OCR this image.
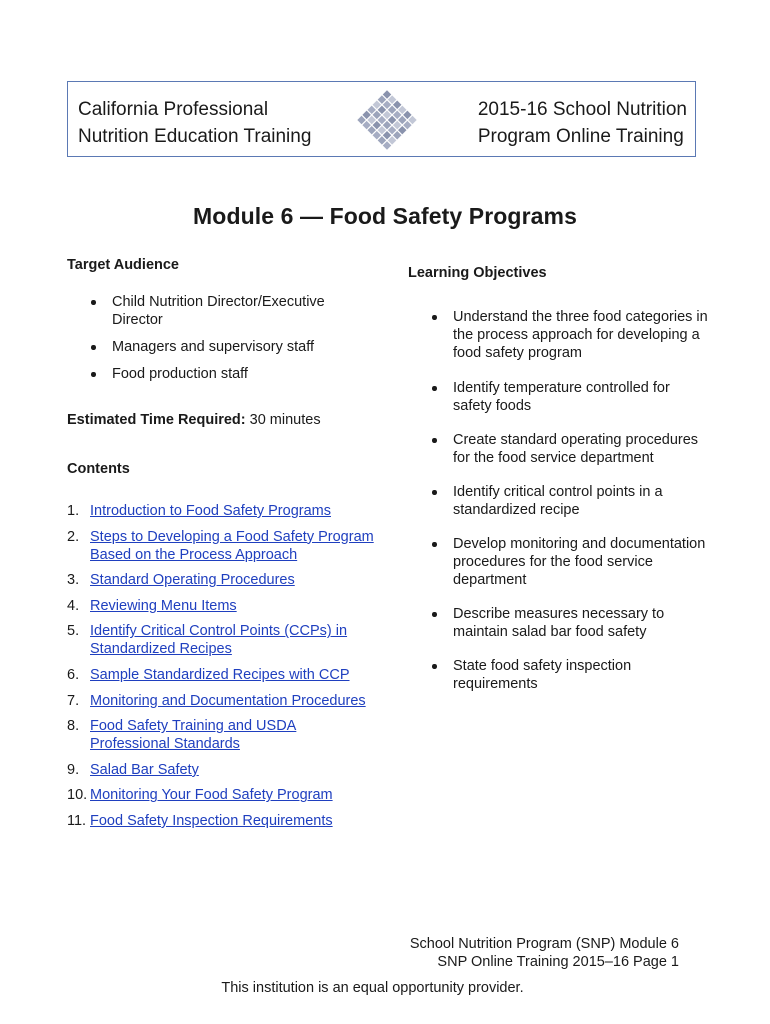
California Professional
Nutrition Education Training
2015-16 School Nutrition
Program Online Training
Module 6 — Food Safety Programs
Target Audience
Child Nutrition Director/Executive Director
Managers and supervisory staff
Food production staff
Estimated Time Required: 30 minutes
Contents
1. Introduction to Food Safety Programs
2. Steps to Developing a Food Safety Program Based on the Process Approach
3. Standard Operating Procedures
4. Reviewing Menu Items
5. Identify Critical Control Points (CCPs) in Standardized Recipes
6. Sample Standardized Recipes with CCP
7. Monitoring and Documentation Procedures
8. Food Safety Training and USDA Professional Standards
9. Salad Bar Safety
10. Monitoring Your Food Safety Program
11. Food Safety Inspection Requirements
Learning Objectives
Understand the three food categories in the process approach for developing a food safety program
Identify temperature controlled for safety foods
Create standard operating procedures for the food service department
Identify critical control points in a standardized recipe
Develop monitoring and documentation procedures for the food service department
Describe measures necessary to maintain salad bar food safety
State food safety inspection requirements
School Nutrition Program (SNP) Module 6
SNP Online Training 2015–16 Page 1
This institution is an equal opportunity provider.
